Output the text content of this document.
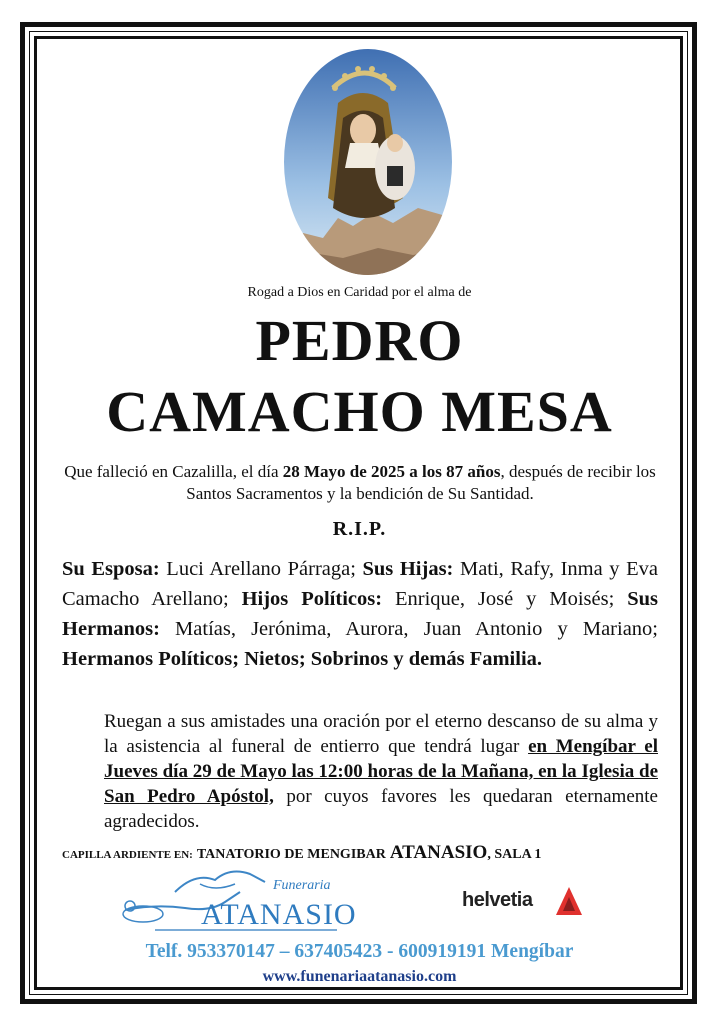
Rogad a Dios en Caridad por el alma de
PEDRO
CAMACHO MESA
Que falleció en Cazalilla, el día 28 Mayo de 2025 a los 87 años, después de recibir los Santos Sacramentos y la bendición de Su Santidad.
R.I.P.
Su Esposa: Luci Arellano Párraga; Sus Hijas: Mati, Rafy, Inma y Eva Camacho Arellano; Hijos Políticos: Enrique, José y Moisés; Sus Hermanos: Matías, Jerónima, Aurora, Juan Antonio y Mariano; Hermanos Políticos; Nietos; Sobrinos y demás Familia.
Ruegan a sus amistades una oración por el eterno descanso de su alma y la asistencia al funeral de entierro que tendrá lugar en Mengíbar el Jueves día 29 de Mayo las 12:00 horas de la Mañana, en la Iglesia de San Pedro Apóstol, por cuyos favores les quedaran eternamente agradecidos.
CAPILLA ARDIENTE EN: TANATORIO DE MENGIBAR ATANASIO, SALA 1
Funeraria
ATANASIO	helvetia
Telf. 953370147 – 637405423 - 600919191 Mengíbar
www.funenariaatanasio.com
